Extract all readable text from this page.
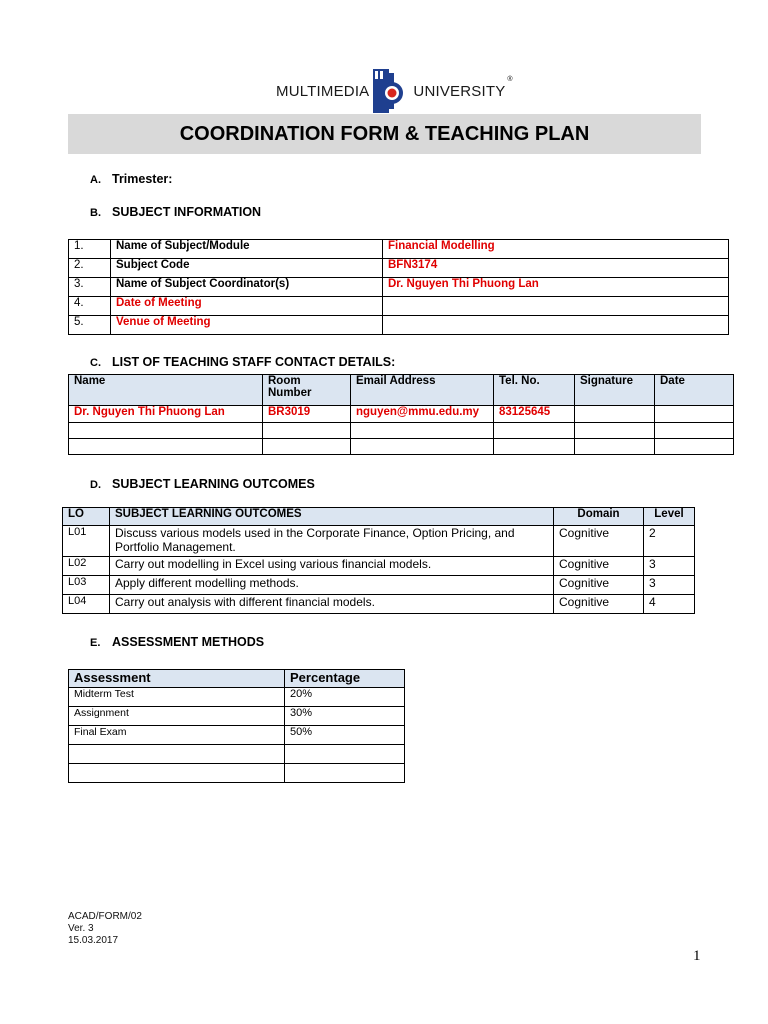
MULTIMEDIA	UNIVERSITY
®
COORDINATION FORM & TEACHING PLAN
A. Trimester:
B. SUBJECT INFORMATION
1.	Name of Subject/Module	Financial Modelling
2.	Subject Code	BFN3174
3.	Name of Subject Coordinator(s)	Dr. Nguyen Thi Phuong Lan
4.	Date of Meeting	
5.	Venue of Meeting	
C. LIST OF TEACHING STAFF CONTACT DETAILS:
Name	Room Number	Email Address	Tel. No.	Signature	Date
Dr. Nguyen Thi Phuong Lan	BR3019	nguyen@mmu.edu.my	83125645		

D. SUBJECT LEARNING OUTCOMES
LO	SUBJECT LEARNING OUTCOMES	Domain	Level
L01	Discuss various models used in the Corporate Finance, Option Pricing, and Portfolio Management.	Cognitive	2
L02	Carry out modelling in Excel using various financial models.	Cognitive	3
L03	Apply different modelling methods.	Cognitive	3
L04	Carry out analysis with different financial models.	Cognitive	4
E. ASSESSMENT METHODS
Assessment	Percentage
Midterm Test	20%
Assignment	30%
Final Exam	50%

ACAD/FORM/02
Ver. 3
15.03.2017
1
